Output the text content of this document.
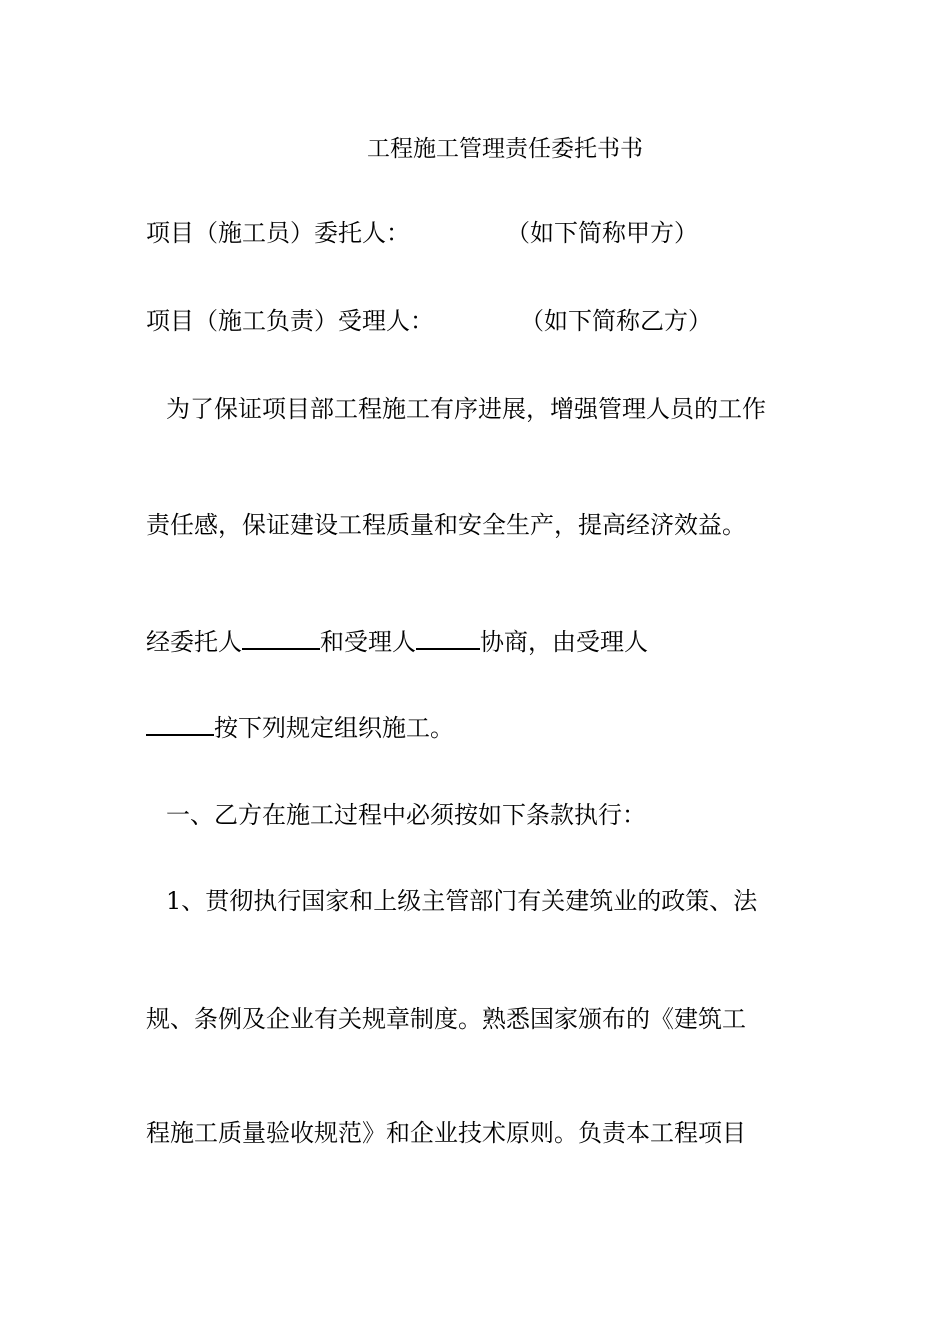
工程施工管理责任委托书书
项目（施工员）委托人：	（如下简称甲方）
项目（施工负责）受理人：	（如下简称乙方）
为了保证项目部工程施工有序进展，增强管理人员的工作
责任感，保证建设工程质量和安全生产，提高经济效益。
经委托人	和受理人	协商，由受理人
按下列规定组织施工。
一、乙方在施工过程中必须按如下条款执行：
1、贯彻执行国家和上级主管部门有关建筑业的政策、法
规、条例及企业有关规章制度。熟悉国家颁布的《建筑工
程施工质量验收规范》和企业技术原则。负责本工程项目
